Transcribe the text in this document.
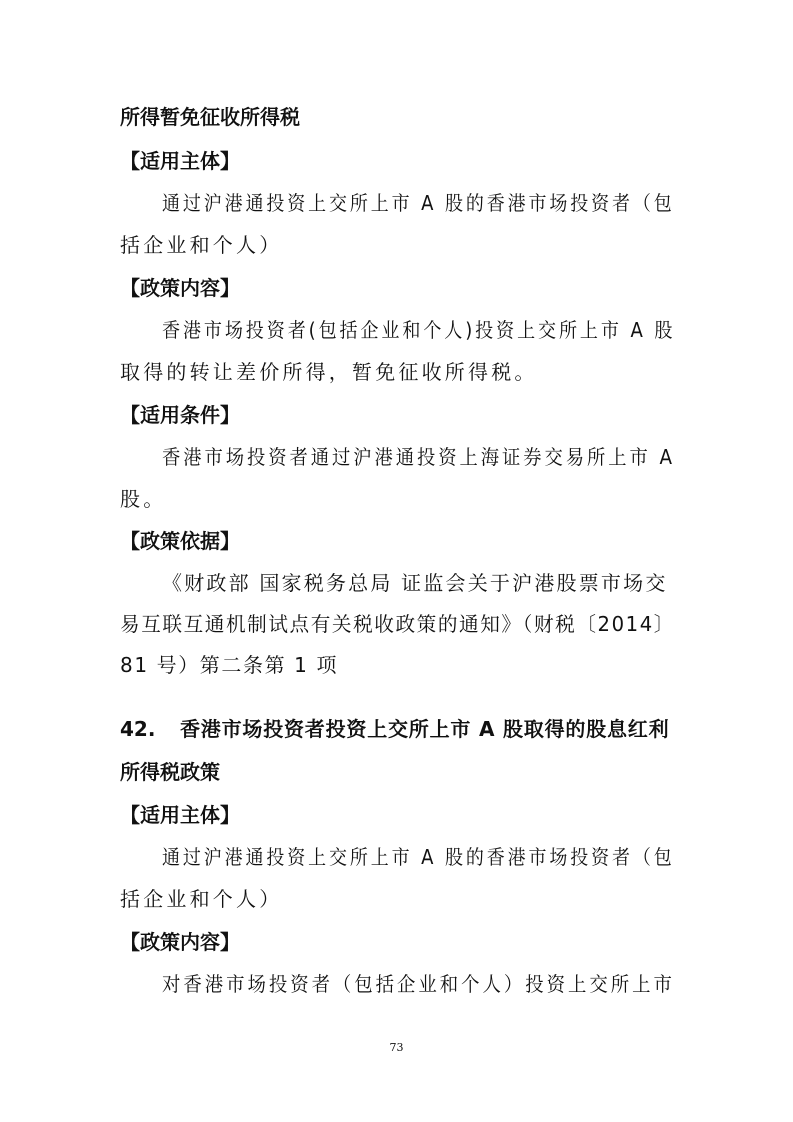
所得暂免征收所得税
【适用主体】
通过沪港通投资上交所上市 A 股的香港市场投资者（包
括企业和个人）
【政策内容】
香港市场投资者(包括企业和个人)投资上交所上市 A 股
取得的转让差价所得，暂免征收所得税。
【适用条件】
香港市场投资者通过沪港通投资上海证券交易所上市 A
股。
【政策依据】
《财政部 国家税务总局 证监会关于沪港股票市场交
易互联互通机制试点有关税收政策的通知》（财税〔2014〕
81 号）第二条第 1 项
42. 香港市场投资者投资上交所上市 A 股取得的股息红利
所得税政策
【适用主体】
通过沪港通投资上交所上市 A 股的香港市场投资者（包
括企业和个人）
【政策内容】
对香港市场投资者（包括企业和个人）投资上交所上市
73
